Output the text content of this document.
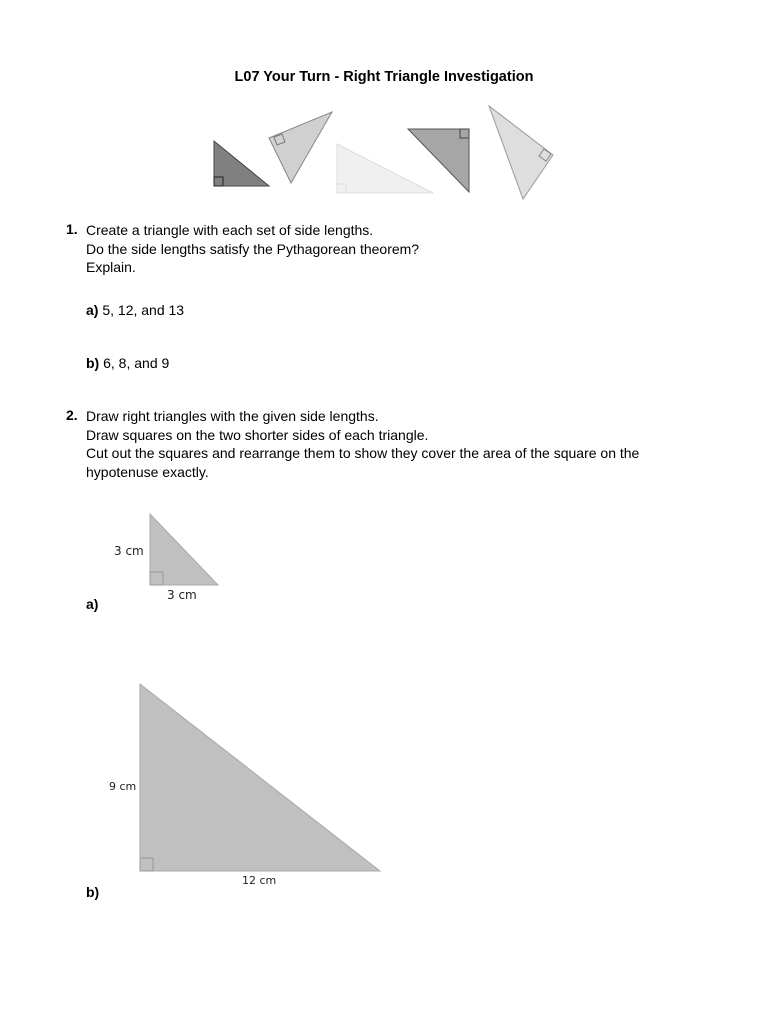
L07 Your Turn - Right Triangle Investigation
1. Create a triangle with each set of side lengths.
Do the side lengths satisfy the Pythagorean theorem?
Explain.
a) 5, 12, and 13
b) 6, 8, and 9
2. Draw right triangles with the given side lengths.
Draw squares on the two shorter sides of each triangle.
Cut out the squares and rearrange them to show they cover the area of the square on the
hypotenuse exactly.
3 cm
3 cm
a)
9 cm
12 cm
b)
